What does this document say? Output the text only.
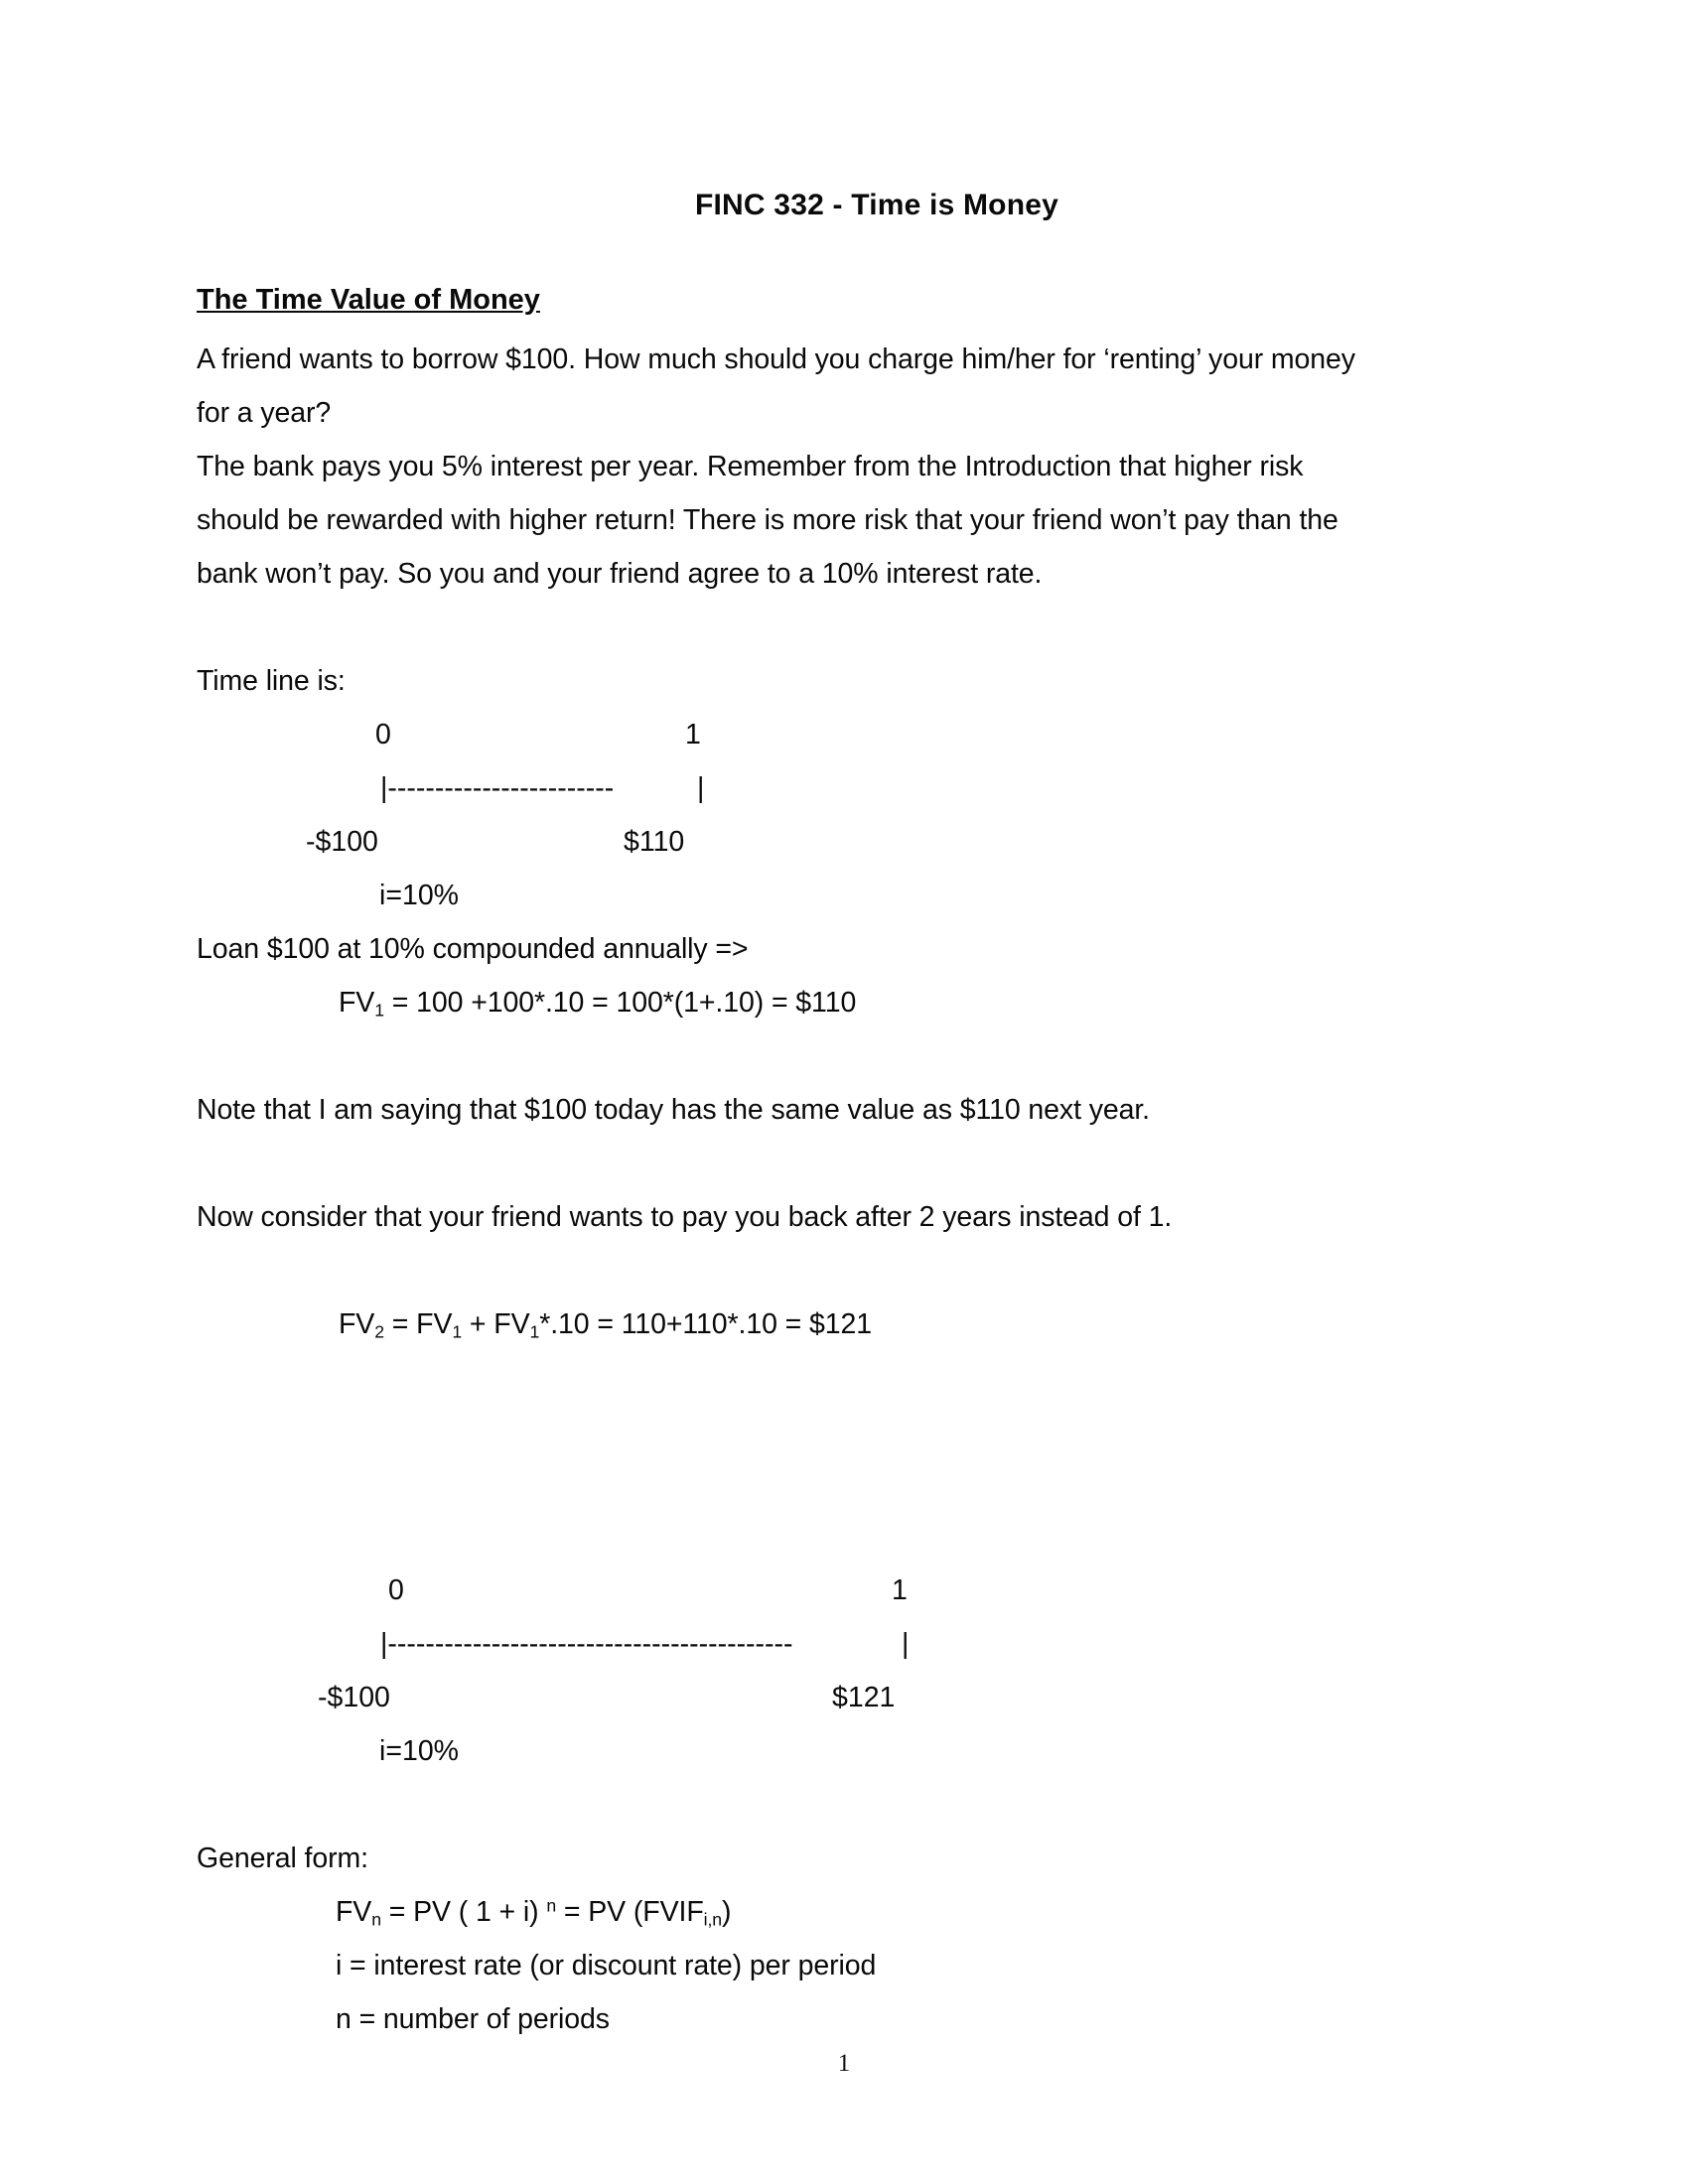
FINC 332 - Time is Money
The Time Value of Money
A friend wants to borrow $100. How much should you charge him/her for ‘renting’ your money
for a year?
The bank pays you 5% interest per year. Remember from the Introduction that higher risk
should be rewarded with higher return! There is more risk that your friend won’t pay than the
bank won’t pay. So you and your friend agree to a 10% interest rate.
Time line is:
0	1
|------------------------	|
-$100	$110
i=10%
Loan $100 at 10% compounded annually =>
$FV_1 = 100 +100*.10 = 100*(1+.10)$ = $110
Note that I am saying that $100 today has the same value as $110 next year.
Now consider that your friend wants to pay you back after 2 years instead of 1.
$FV_2 = FV_1 + FV_1*.10 = 110+110*.10$ = $121
0	1
|-------------------------------------------	|
-$100	$121
i=10%
General form:
$FV_n$ = PV ( 1 + i) $^n$ = PV $(FVIF_{i,n})$
i = interest rate (or discount rate) per period
n = number of periods
1
